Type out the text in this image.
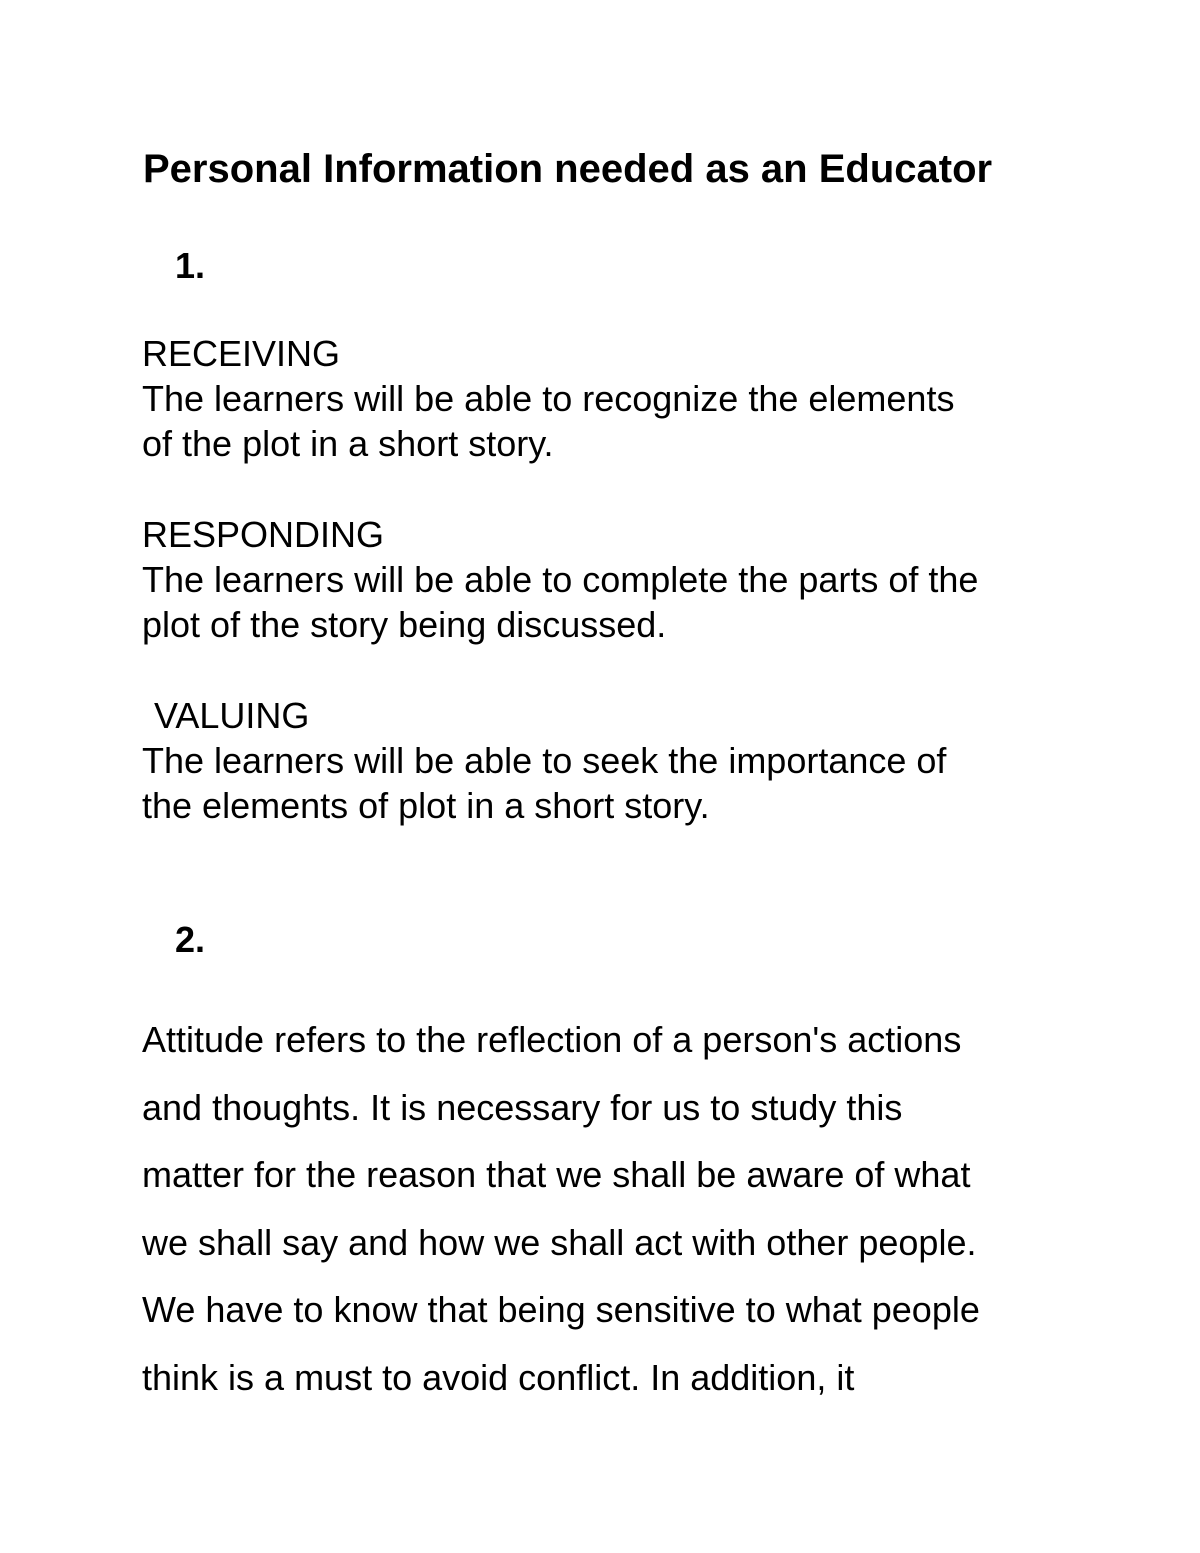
Personal Information needed as an Educator
1.
RECEIVING
The learners will be able to recognize the elements
of the plot in a short story.
RESPONDING
The learners will be able to complete the parts of the
plot of the story being discussed.
VALUING
The learners will be able to seek the importance of
the elements of plot in a short story.
2.
Attitude refers to the reflection of a person's actions
and thoughts. It is necessary for us to study this
matter for the reason that we shall be aware of what
we shall say and how we shall act with other people.
We have to know that being sensitive to what people
think is a must to avoid conflict. In addition, it
